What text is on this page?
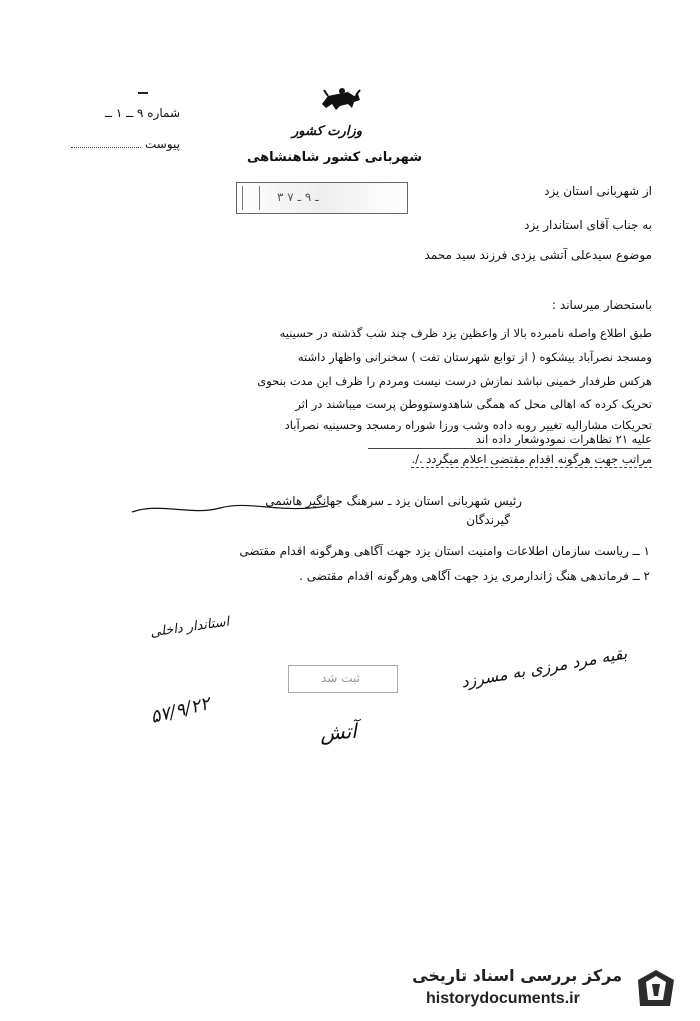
وزارت کشور
شهربانی کشور شاهنشاهی
شماره ۹ ــ ۱ ــ
پیوست
۳ ـ ۹ ـ ۷	از شهربانی استان یزد
به جناب آقای استاندار یزد
موضوع سیدعلی آتشی یزدی فرزند سید محمد
باستحضار میرساند :
طبق اطلاع واصله نامبرده بالا از واعظین یزد ظرف چند شب گذشته در حسینیه
ومسجد نصرآباد بیشکوه ( از توابع شهرستان تفت ) سخنرانی واظهار داشته
هرکس طرفدار خمینی نباشد نمازش درست نیست ومردم را ظرف این مدت بنحوی
تحریک کرده که اهالی محل که همگی شاهدوستووطن پرست میباشند در اثر
تحریکات مشارالیه تغییر روبه داده وشب ورزا شوراه رمسجد وحسینیه نصرآباد
علیه ۲۱ تظاهرات نمودوشعار داده اند
مراتب جهت هرگونه اقدام مقتضی اعلام میگردد ./.
رئیس شهربانی استان یزد ـ سرهنگ جهانگیر هاشمی
گیرندگان
۱ ــ ریاست سازمان اطلاعات وامنیت استان یزد جهت آگاهی وهرگونه اقدام مقتضی
۲ ــ فرماندهی هنگ ژاندارمری یزد جهت آگاهی وهرگونه اقدام مقتضی .
استاندار داخلی
۵۷/۹/۲۲
بقیه مرد مرزی به مسرزد
آتش
ثبت شد
مرکز بررسی اسناد تاریخی
historydocuments.ir
